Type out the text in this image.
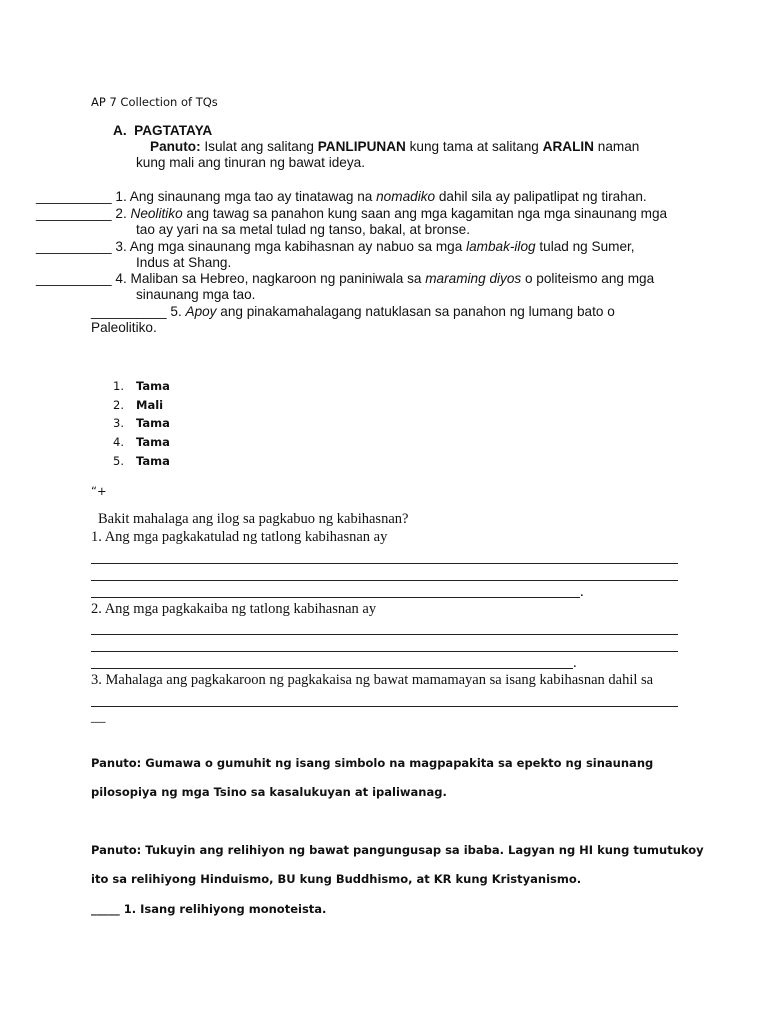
AP 7 Collection of TQs
A. PAGTATAYA
Panuto: Isulat ang salitang PANLIPUNAN kung tama at salitang ARALIN naman
kung mali ang tinuran ng bawat ideya.
__________ 1. Ang sinaunang mga tao ay tinatawag na nomadiko dahil sila ay palipatlipat ng tirahan.
__________ 2. Neolitiko ang tawag sa panahon kung saan ang mga kagamitan nga mga sinaunang mga
tao ay yari na sa metal tulad ng tanso, bakal, at bronse.
__________ 3. Ang mga sinaunang mga kabihasnan ay nabuo sa mga lambak-ilog tulad ng Sumer,
Indus at Shang.
__________ 4. Maliban sa Hebreo, nagkaroon ng paniniwala sa maraming diyos o politeismo ang mga
sinaunang mga tao.
__________ 5. Apoy ang pinakamahalagang natuklasan sa panahon ng lumang bato o
Paleolitiko.
1. Tama
2. Mali
3. Tama
4. Tama
5. Tama
“+
Bakit mahalaga ang ilog sa pagkabuo ng kabihasnan?
1. Ang mga pagkakatulad ng tatlong kabihasnan ay
.
2. Ang mga pagkakaiba ng tatlong kabihasnan ay
.
3. Mahalaga ang pagkakaroon ng pagkakaisa ng bawat mamamayan sa isang kabihasnan dahil sa
__
Panuto: Gumawa o gumuhit ng isang simbolo na magpapakita sa epekto ng sinaunang
pilosopiya ng mga Tsino sa kasalukuyan at ipaliwanag.
Panuto: Tukuyin ang relihiyon ng bawat pangungusap sa ibaba. Lagyan ng HI kung tumutukoy
ito sa relihiyong Hinduismo, BU kung Buddhismo, at KR kung Kristyanismo.
_____ 1. Isang relihiyong monoteista.
